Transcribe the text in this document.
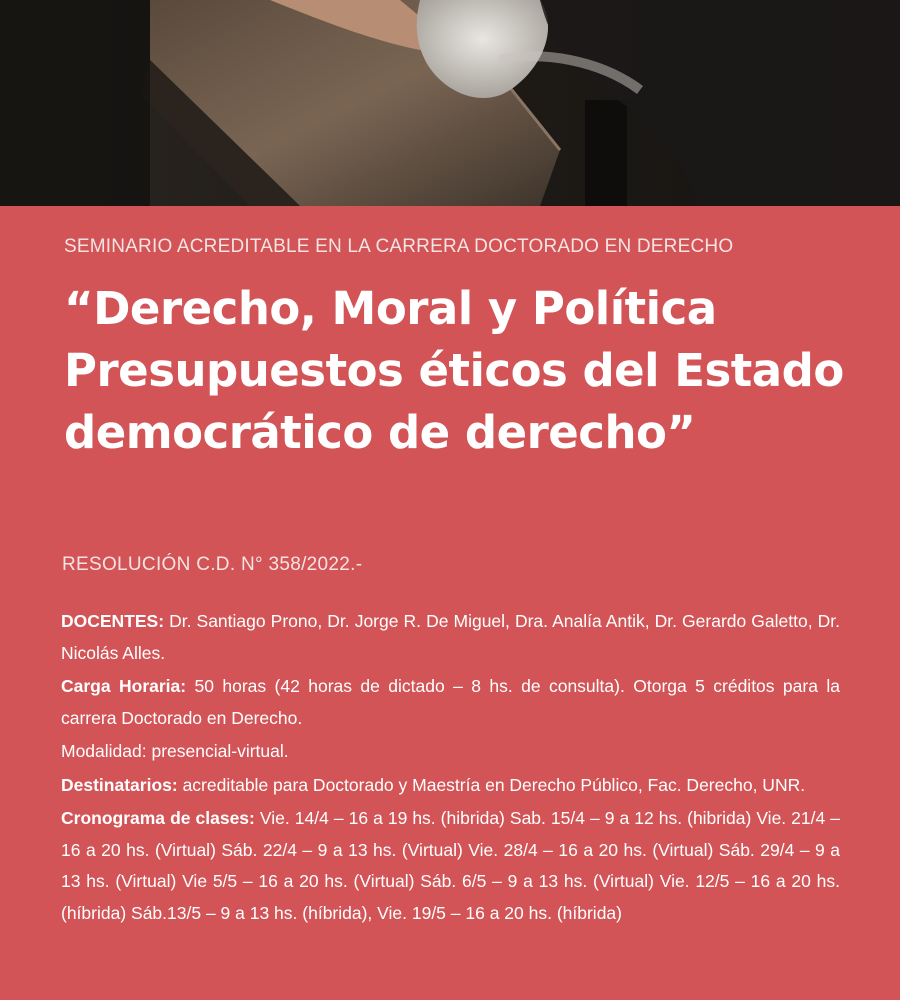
SEMINARIO ACREDITABLE EN LA CARRERA DOCTORADO EN DERECHO
“Derecho, Moral y Política Presupuestos éticos del Estado democrático de derecho”
RESOLUCIÓN C.D. N° 358/2022.-

DOCENTES: Dr. Santiago Prono, Dr. Jorge R. De Miguel, Dra. Analía Antik, Dr. Gerardo Galetto, Dr. Nicolás Alles.

Carga Horaria: 50 horas (42 horas de dictado – 8 hs. de consulta). Otorga 5 créditos para la carrera Doctorado en Derecho.

Modalidad: presencial-virtual.

Destinatarios: acreditable para Doctorado y Maestría en Derecho Público, Fac. Derecho, UNR.

Cronograma de clases: Vie. 14/4 – 16 a 19 hs. (hibrida) Sab. 15/4 – 9 a 12 hs. (hibrida) Vie. 21/4 – 16 a 20 hs. (Virtual) Sáb. 22/4 – 9 a 13 hs. (Virtual) Vie. 28/4 – 16 a 20 hs. (Virtual) Sáb. 29/4 – 9 a 13 hs. (Virtual) Vie 5/5 – 16 a 20 hs. (Virtual) Sáb. 6/5 – 9 a 13 hs. (Virtual) Vie. 12/5 – 16 a 20 hs. (híbrida) Sáb.13/5 – 9 a 13 hs. (híbrida), Vie. 19/5 – 16 a 20 hs. (híbrida)
